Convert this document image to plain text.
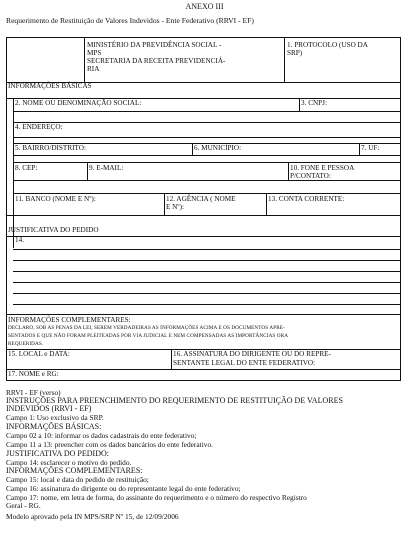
ANEXO III
Requerimento de Restituição de Valores Indevidos - Ente Federativo (RRVI - EF)
MINISTÉRIO DA PREVIDÊNCIA SOCIAL -
MPS
SECRETARIA DA RECEITA PREVIDENCIÁ-
RIA
1. PROTOCOLO (USO DA
SRP)
INFORMAÇÕES BÁSICAS
2. NOME OU DENOMINAÇÃO SOCIAL:	3. CNPJ:
4. ENDEREÇO:
5. BAIRRO/DISTRITO:	6. MUNICÍPIO:	7. UF:
8. CEP:	9. E-MAIL:	10. FONE E PESSOA
P/CONTATO:
11. BANCO (NOME E Nº):	12. AGÊNCIA ( NOME
E Nº):
13. CONTA CORRENTE:
JUSTIFICATIVA DO PEDIDO
14.
INFORMAÇÕES COMPLEMENTARES:
DECLARO, SOB AS PENAS DA LEI, SEREM VERDADEIRAS AS INFORMAÇÕES ACIMA E OS DOCUMENTOS APRE-
SENTADOS E QUE NÃO FORAM PLEITEADAS POR VIA JUDICIAL E NEM COMPENSADAS AS IMPORTÂNCIAS ORA
REQUERIDAS.
15. LOCAL e DATA:	16. ASSINATURA DO DIRIGENTE OU DO REPRE-
SENTANTE LEGAL DO ENTE FEDERATIVO:
17. NOME e RG:
RRVI - EF (verso)
INSTRUÇÕES PARA PREENCHIMENTO DO REQUERIMENTO DE RESTITUIÇÃO DE VALORES
INDEVIDOS (RRVI - EF)
Campo 1: Uso exclusivo da SRP.
INFORMAÇÕES BÁSICAS:
Campo 02 a 10: informar os dados cadastrais do ente federativo;
Campo 11 a 13: preencher com os dados bancários do ente federativo.
JUSTIFICATIVA DO PEDIDO:
Campo 14: esclarecer o motivo do pedido.
INFORMAÇÕES COMPLEMENTARES:
Campo 15: local e data do pedido de restituição;
Campo 16: assinatura do dirigente ou do representante legal do ente federativo;
Campo 17: nome, em letra de forma, do assinante do requerimento e o número do respectivo Registro
Geral - RG.
Modelo aprovado pela IN MPS/SRP Nº 15, de 12/09/2006
